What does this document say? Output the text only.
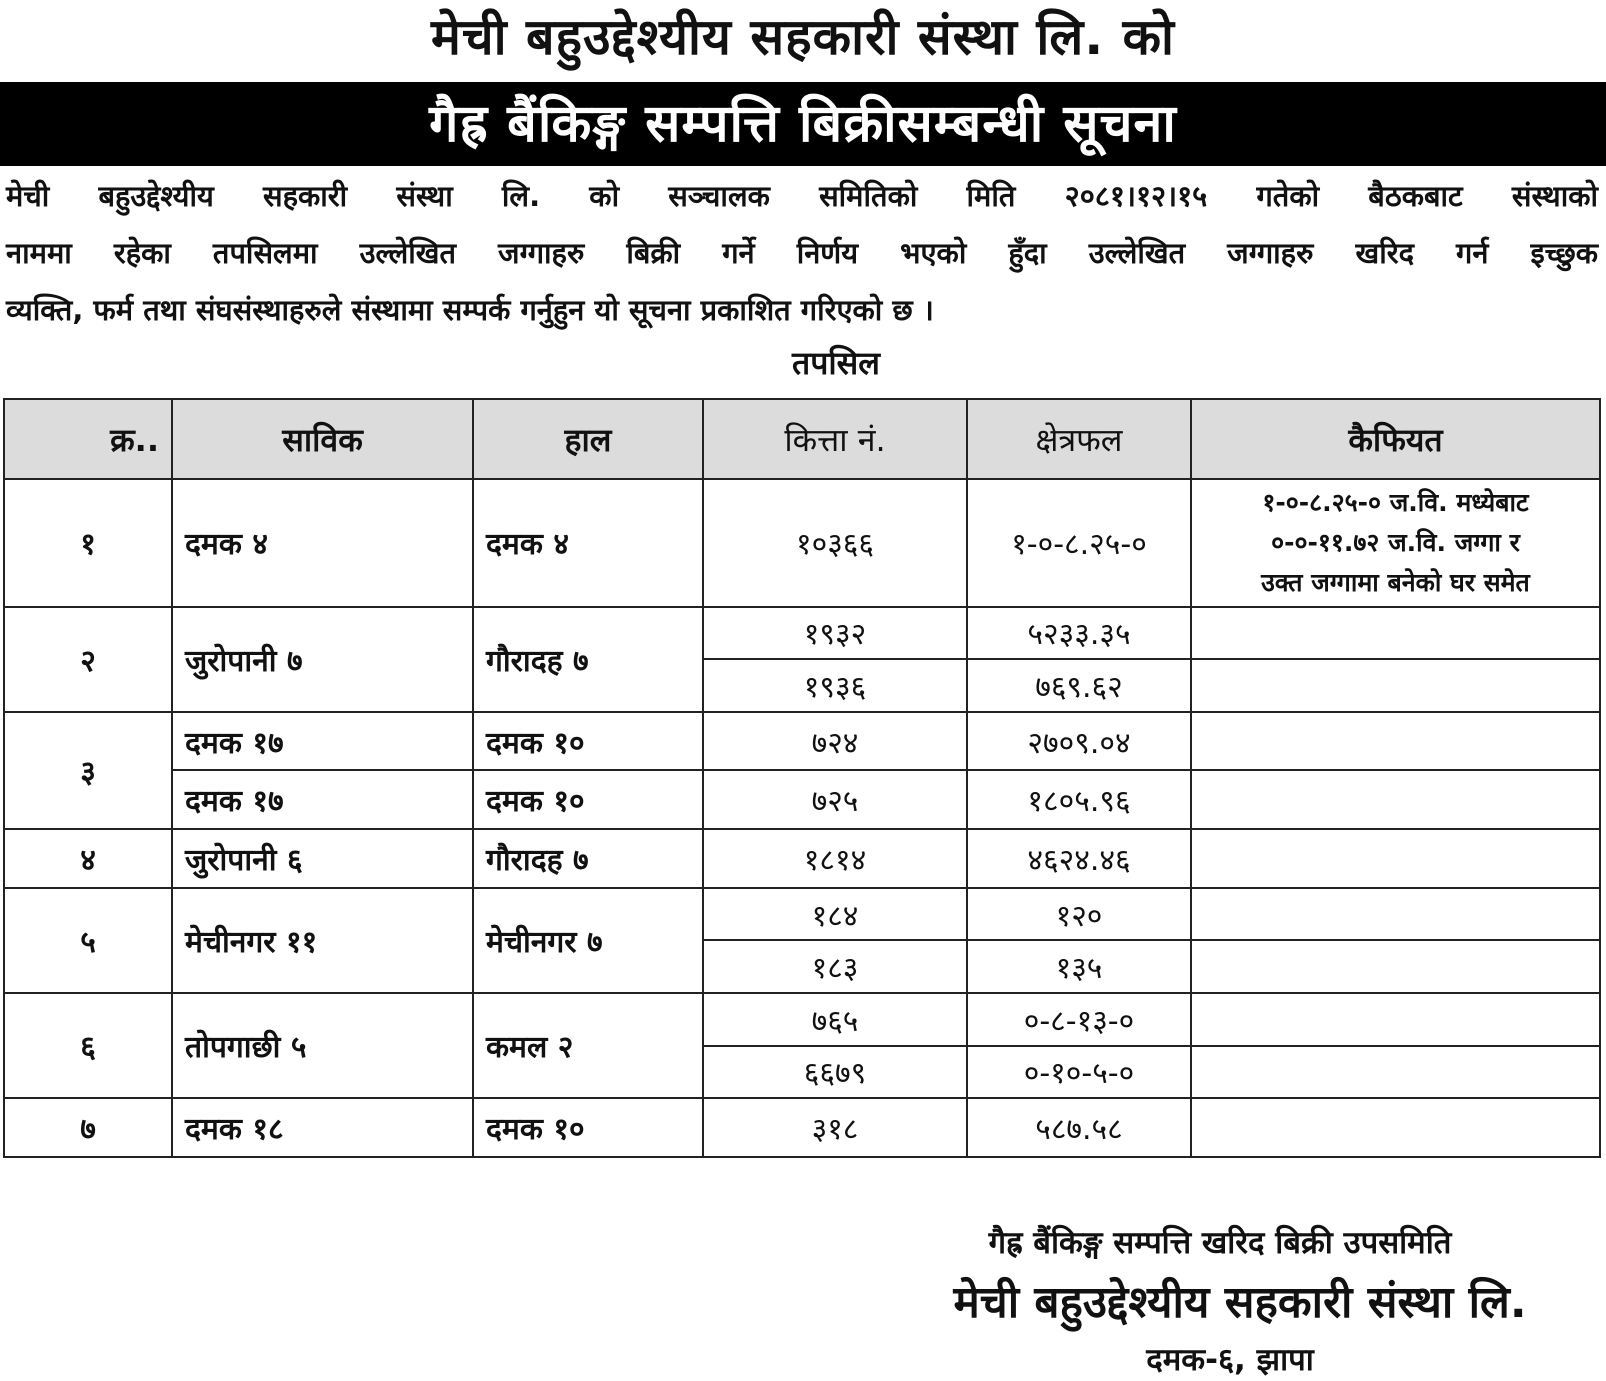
मेची बहुउद्देश्यीय सहकारी संस्था लि. को
गैह्र बैंकिङ्ग सम्पत्ति बिक्रीसम्बन्धी सूचना
मेची बहुउद्देश्यीय सहकारी संस्था लि. को सञ्चालक समितिको मिति २०८१।१२।१५ गतेको बैठकबाट संस्थाको
नाममा रहेका तपसिलमा उल्लेखित जग्गाहरु बिक्री गर्ने निर्णय भएको हुँदा उल्लेखित जग्गाहरु खरिद गर्न इच्छुक
व्यक्ति, फर्म तथा संघसंस्थाहरुले संस्थामा सम्पर्क गर्नुहुन यो सूचना प्रकाशित गरिएको छ ।
तपसिल
क्र..	साविक	हाल	कित्ता नं.	क्षेत्रफल	कैफियत
१	दमक ४	दमक ४	१०३६६	१-०-८.२५-०	१-०-८.२५-० ज.वि. मध्येबाट
०-०-११.७२ ज.वि. जग्गा र
उक्त जग्गामा बनेको घर समेत

२	जुरोपानी ७	गौरादह ७	१९३२	५२३३.३५	
			१९३६	७६९.६२	
३	दमक १७	दमक १०	७२४	२७०९.०४	
	दमक १७	दमक १०	७२५	१८०५.९६	
४	जुरोपानी ६	गौरादह ७	१८१४	४६२४.४६	
५	मेचीनगर ११	मेचीनगर ७	१८४	१२०	
			१८३	१३५	
६	तोपगाछी ५	कमल २	७६५	०-८-१३-०	
			६६७९	०-१०-५-०	
७	दमक १८	दमक १०	३१८	५८७.५८	
गैह्र बैंकिङ्ग सम्पत्ति खरिद बिक्री उपसमिति
मेची बहुउद्देश्यीय सहकारी संस्था लि.
दमक-६, झापा
